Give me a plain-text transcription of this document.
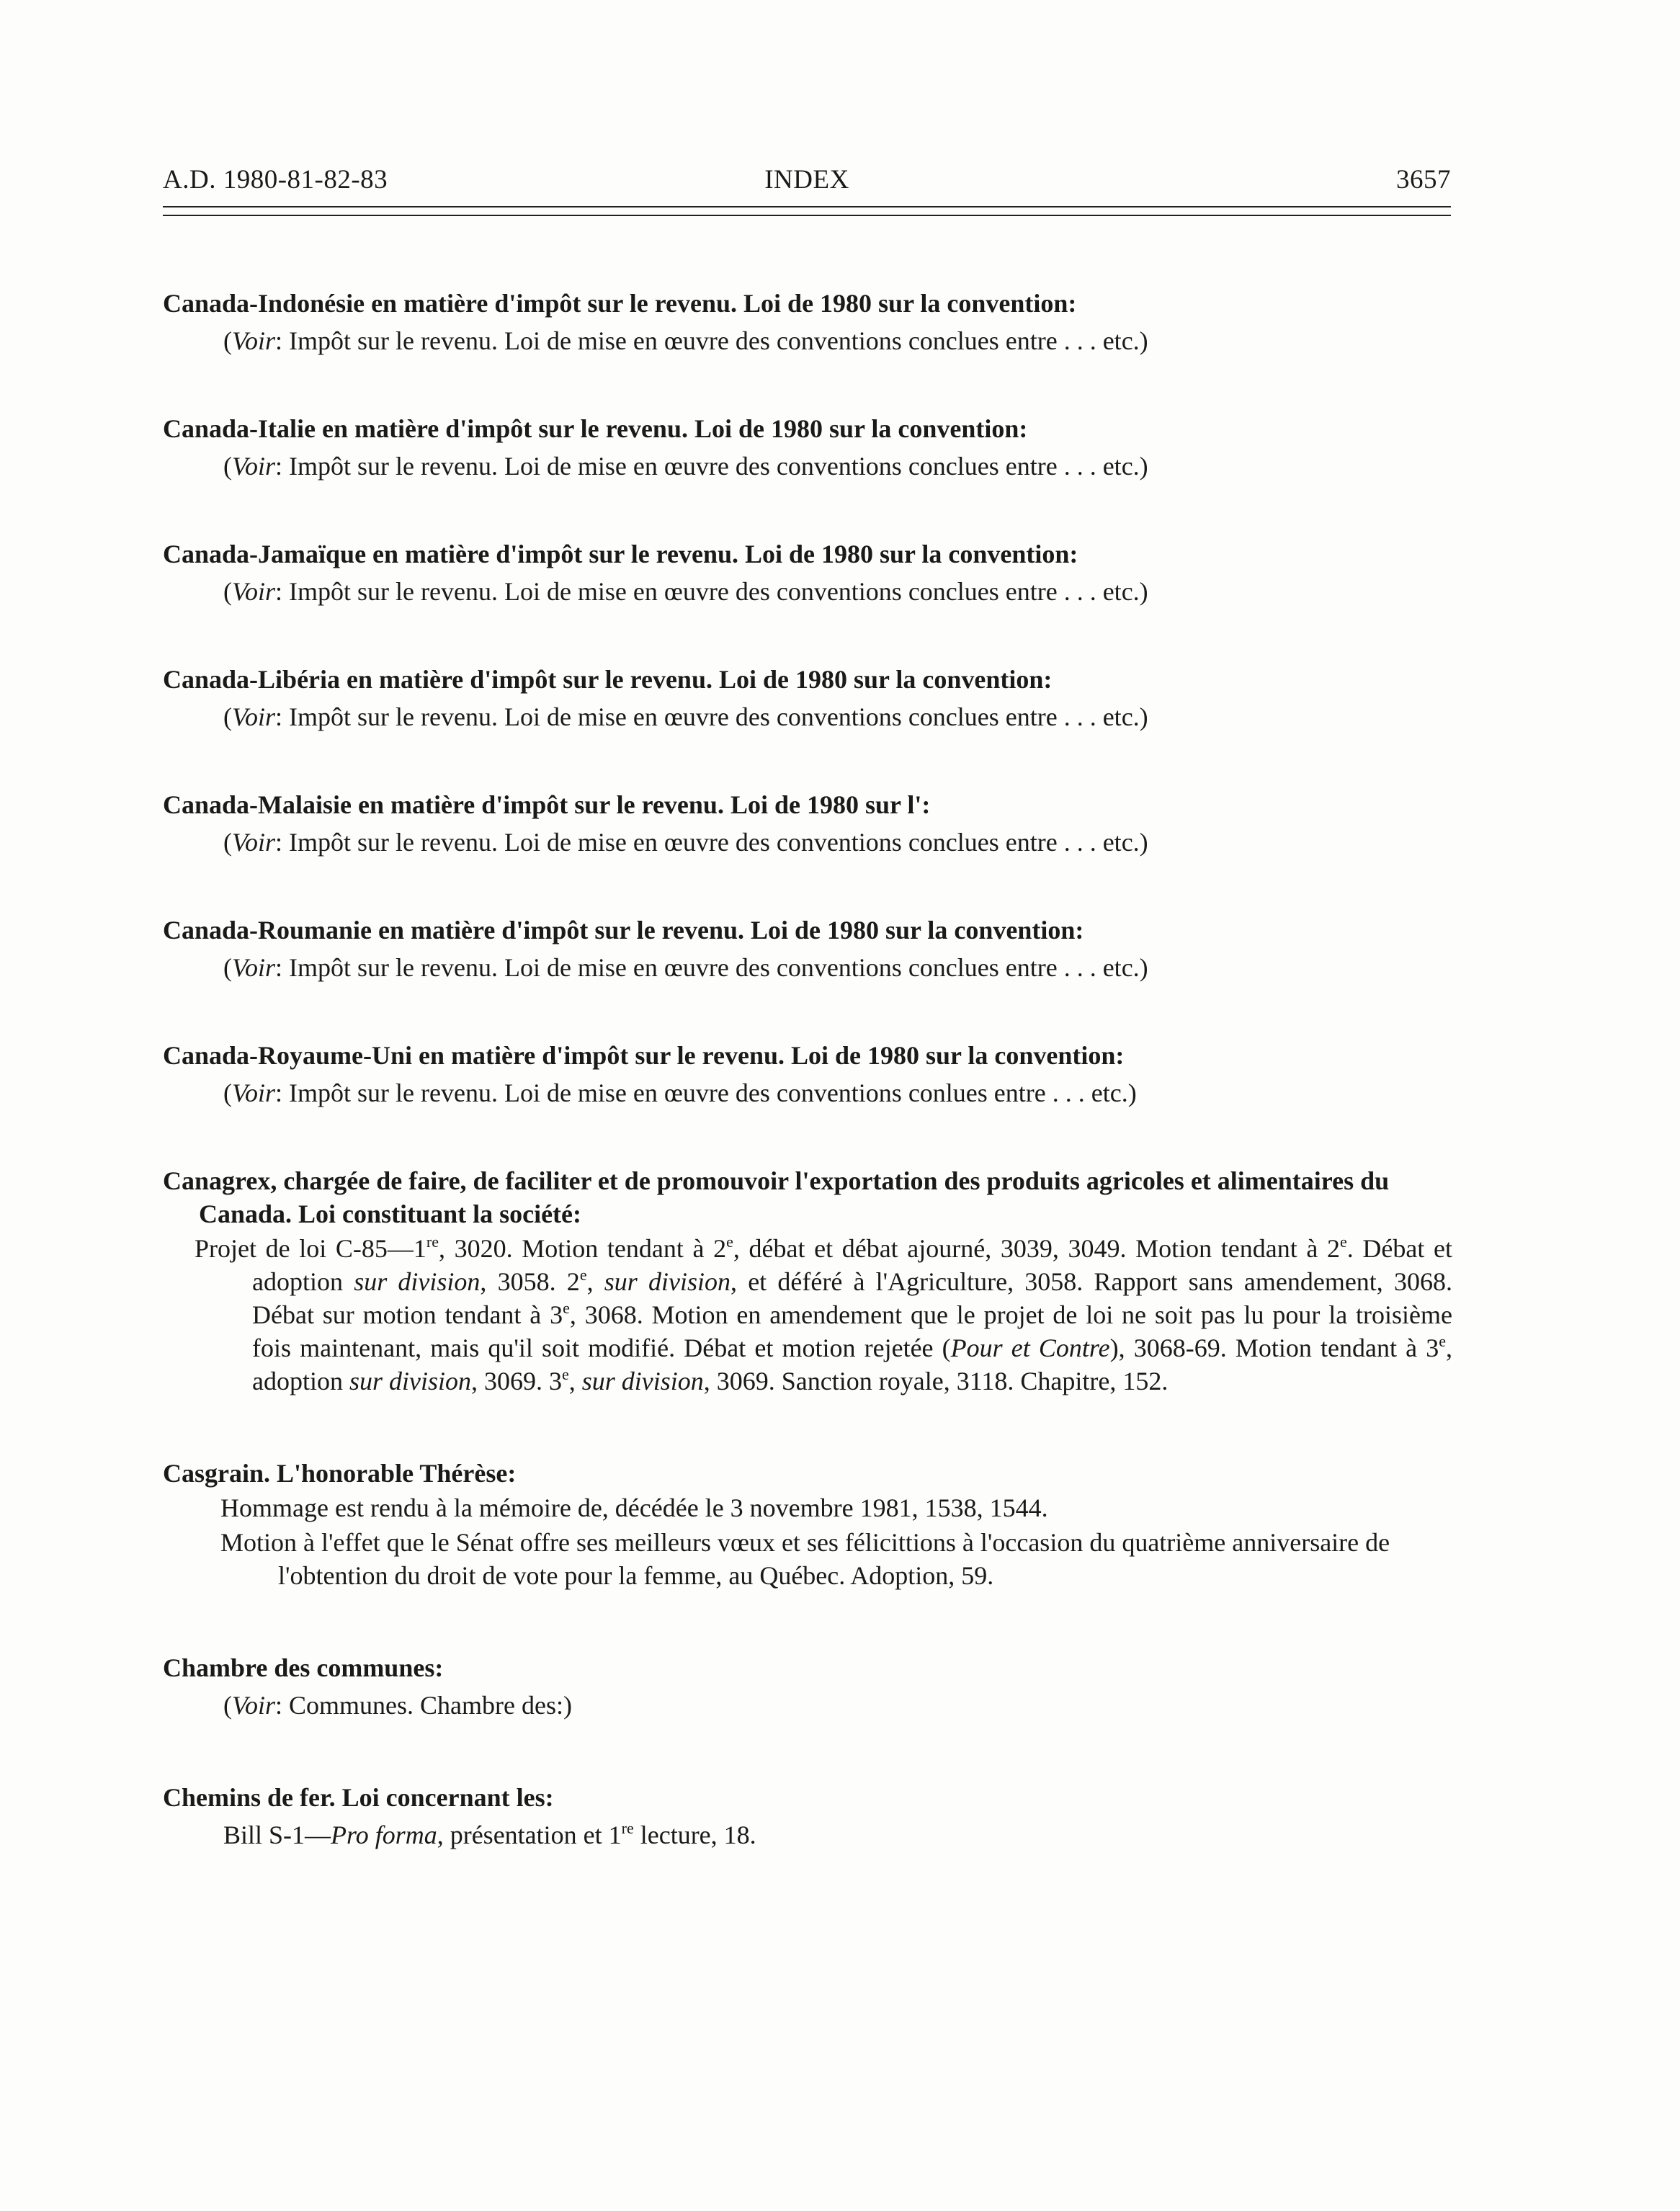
A.D. 1980-81-82-83	INDEX	3657
Canada-Indonésie en matière d'impôt sur le revenu. Loi de 1980 sur la convention:
(Voir: Impôt sur le revenu. Loi de mise en œuvre des conventions conclues entre . . . etc.)
Canada-Italie en matière d'impôt sur le revenu. Loi de 1980 sur la convention:
(Voir: Impôt sur le revenu. Loi de mise en œuvre des conventions conclues entre . . . etc.)
Canada-Jamaïque en matière d'impôt sur le revenu. Loi de 1980 sur la convention:
(Voir: Impôt sur le revenu. Loi de mise en œuvre des conventions conclues entre . . . etc.)
Canada-Libéria en matière d'impôt sur le revenu. Loi de 1980 sur la convention:
(Voir: Impôt sur le revenu. Loi de mise en œuvre des conventions conclues entre . . . etc.)
Canada-Malaisie en matière d'impôt sur le revenu. Loi de 1980 sur l':
(Voir: Impôt sur le revenu. Loi de mise en œuvre des conventions conclues entre . . . etc.)
Canada-Roumanie en matière d'impôt sur le revenu. Loi de 1980 sur la convention:
(Voir: Impôt sur le revenu. Loi de mise en œuvre des conventions conclues entre . . . etc.)
Canada-Royaume-Uni en matière d'impôt sur le revenu. Loi de 1980 sur la convention:
(Voir: Impôt sur le revenu. Loi de mise en œuvre des conventions conlues entre . . . etc.)
Canagrex, chargée de faire, de faciliter et de promouvoir l'exportation des produits agricoles et alimentaires du Canada. Loi constituant la société:
Projet de loi C-85—1re, 3020. Motion tendant à 2e, débat et débat ajourné, 3039, 3049. Motion tendant à 2e. Débat et adoption sur division, 3058. 2e, sur division, et déféré à l'Agriculture, 3058. Rapport sans amendement, 3068. Débat sur motion tendant à 3e, 3068. Motion en amendement que le projet de loi ne soit pas lu pour la troisième fois maintenant, mais qu'il soit modifié. Débat et motion rejetée (Pour et Contre), 3068-69. Motion tendant à 3e, adoption sur division, 3069. 3e, sur division, 3069. Sanction royale, 3118. Chapitre, 152.
Casgrain. L'honorable Thérèse:
Hommage est rendu à la mémoire de, décédée le 3 novembre 1981, 1538, 1544.
Motion à l'effet que le Sénat offre ses meilleurs vœux et ses félicittions à l'occasion du quatrième anniversaire de l'obtention du droit de vote pour la femme, au Québec. Adoption, 59.
Chambre des communes:
(Voir: Communes. Chambre des:)
Chemins de fer. Loi concernant les:
Bill S-1—Pro forma, présentation et 1re lecture, 18.
